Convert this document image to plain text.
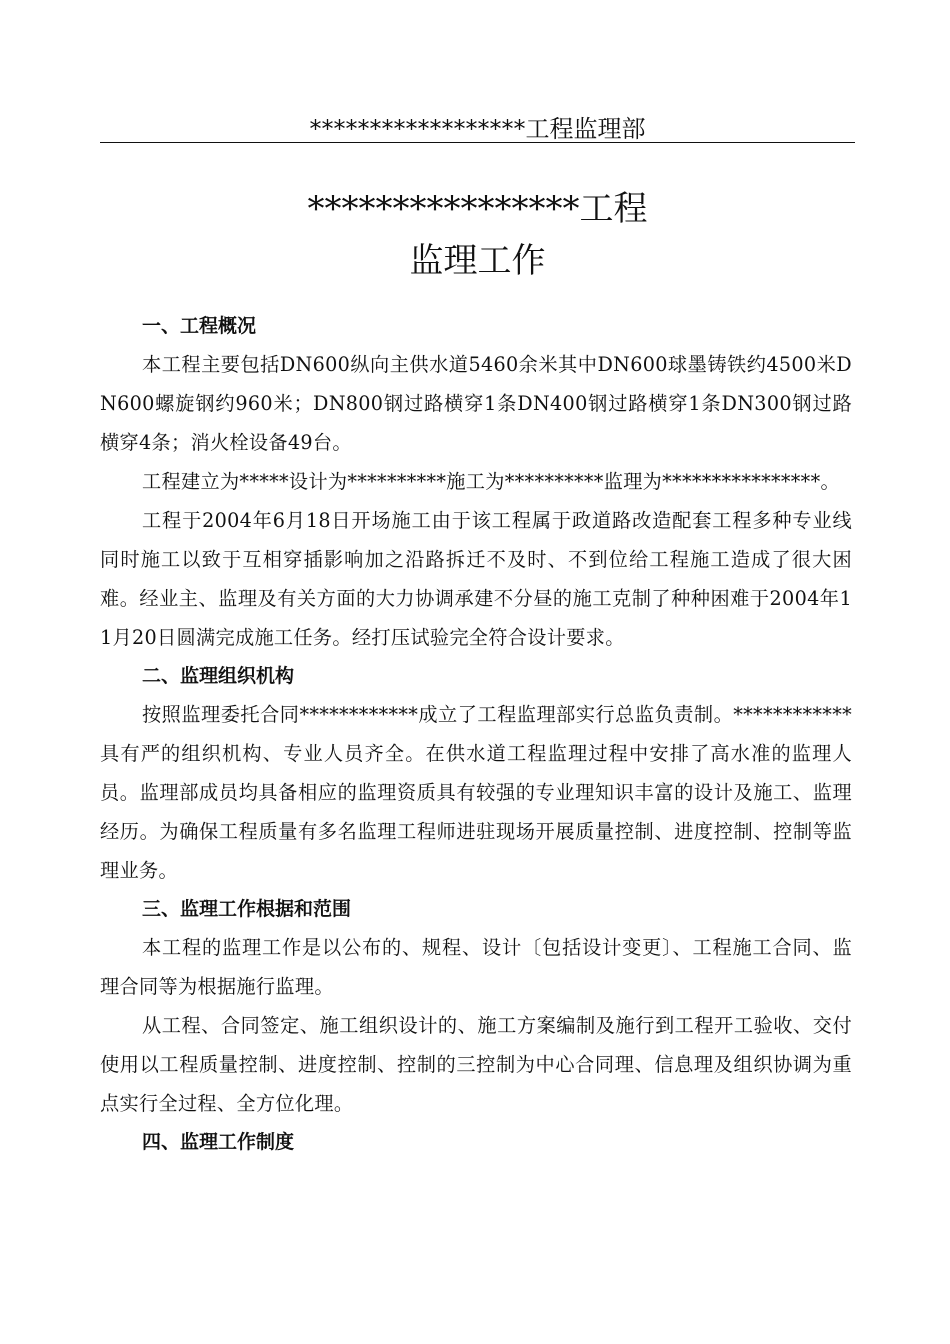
******************工程监理部
****************工程
监理工作

一、工程概况

本工程主要包括DN600纵向主供水道5460余米其中DN600球墨铸铁约4500米DN600螺旋钢约960米；DN800钢过路横穿1条DN400钢过路横穿1条DN300钢过路横穿4条；消火栓设备49台。

工程建立为*****设计为**********施工为**********监理为****************。

工程于2004年6月18日开场施工由于该工程属于政道路改造配套工程多种专业线同时施工以致于互相穿插影响加之沿路拆迁不及时、不到位给工程施工造成了很大困难。经业主、监理及有关方面的大力协调承建不分昼的施工克制了种种困难于2004年11月20日圆满完成施工任务。经打压试验完全符合设计要求。

二、监理组织机构

按照监理委托合同************成立了工程监理部实行总监负责制。************具有严的组织机构、专业人员齐全。在供水道工程监理过程中安排了高水准的监理人员。监理部成员均具备相应的监理资质具有较强的专业理知识丰富的设计及施工、监理经历。为确保工程质量有多名监理工程师进驻现场开展质量控制、进度控制、控制等监理业务。

三、监理工作根据和范围

本工程的监理工作是以公布的、规程、设计〔包括设计变更〕、工程施工合同、监理合同等为根据施行监理。

从工程、合同签定、施工组织设计的、施工方案编制及施行到工程开工验收、交付使用以工程质量控制、进度控制、控制的三控制为中心合同理、信息理及组织协调为重点实行全过程、全方位化理。

四、监理工作制度
